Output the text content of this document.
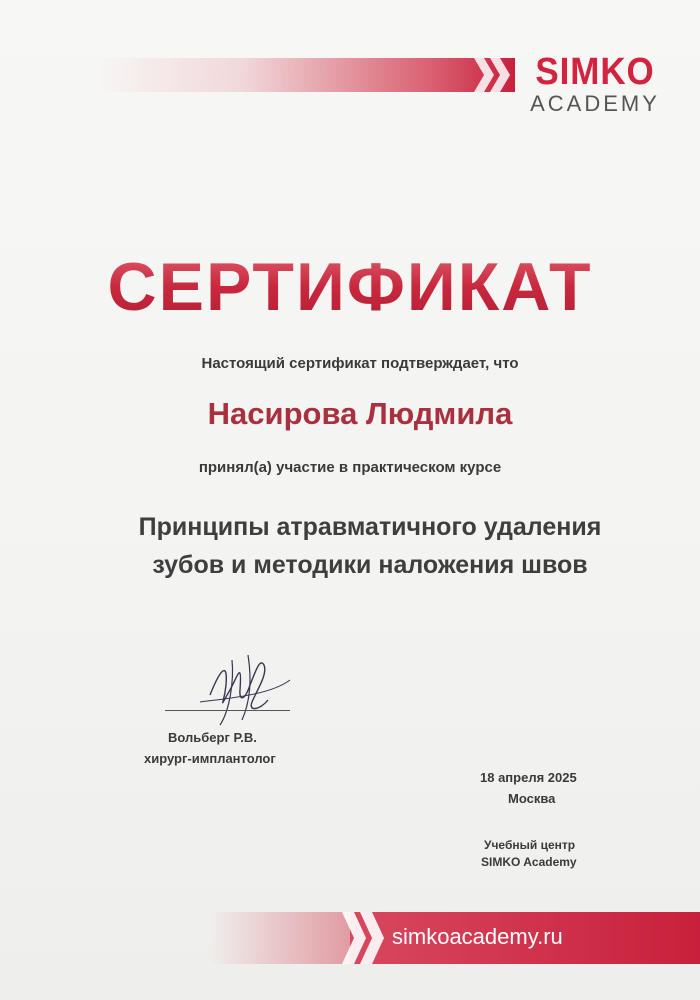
SIMKO
ACADEMY
СЕРТИФИКАТ
Настоящий сертификат подтверждает, что
Насирова Людмила
принял(а) участие в практическом курсе
Принципы атравматичного удаления
зубов и методики наложения швов
Вольберг Р.В.
хирург-имплантолог
18 апреля 2025
Москва
Учебный центр
SIMKO Academy
simkoacademy.ru
